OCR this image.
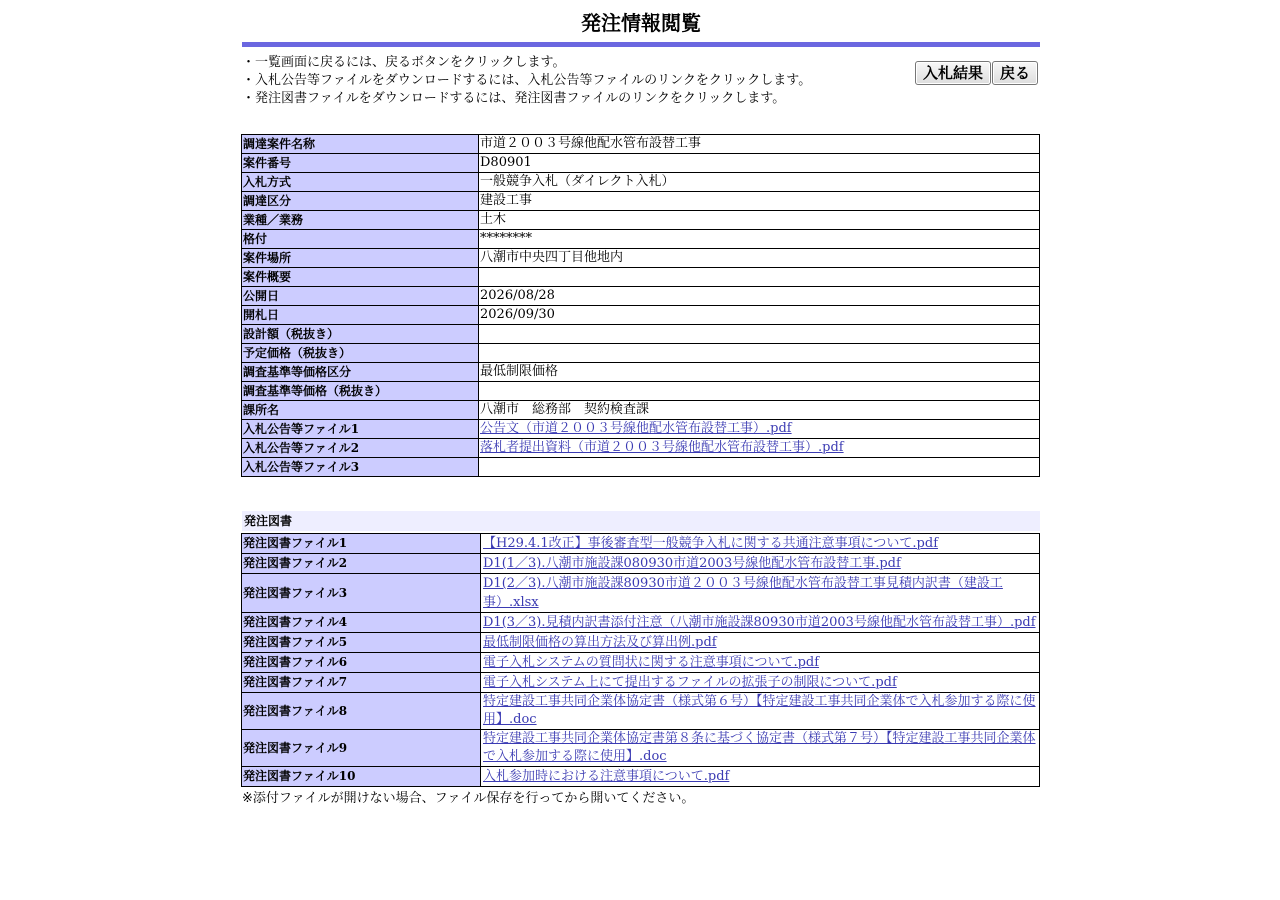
発注情報閲覧
・一覧画面に戻るには、戻るボタンをクリックします。
・入札公告等ファイルをダウンロードするには、入札公告等ファイルのリンクをクリックします。
・発注図書ファイルをダウンロードするには、発注図書ファイルのリンクをクリックします。
入札結果 戻る
調達案件名称	市道２００３号線他配水管布設替工事
案件番号	D80901
入札方式	一般競争入札（ダイレクト入札）
調達区分	建設工事
業種／業務	土木
格付	********
案件場所	八潮市中央四丁目他地内
案件概要	
公開日	2026/08/28
開札日	2026/09/30
設計額（税抜き）	
予定価格（税抜き）	
調査基準等価格区分	最低制限価格
調査基準等価格（税抜き）	
課所名	八潮市　総務部　契約検査課
入札公告等ファイル1	公告文（市道２００３号線他配水管布設替工事）.pdf
入札公告等ファイル2	落札者提出資料（市道２００３号線他配水管布設替工事）.pdf
入札公告等ファイル3	
発注図書
発注図書ファイル1	【H29.4.1改正】事後審査型一般競争入札に関する共通注意事項について.pdf
発注図書ファイル2	D1(1／3).八潮市施設課080930市道2003号線他配水管布設替工事.pdf
発注図書ファイル3	D1(2／3).八潮市施設課80930市道２００３号線他配水管布設替工事見積内訳書（建設工事）.xlsx
発注図書ファイル4	D1(3／3).見積内訳書添付注意（八潮市施設課80930市道2003号線他配水管布設替工事）.pdf
発注図書ファイル5	最低制限価格の算出方法及び算出例.pdf
発注図書ファイル6	電子入札システムの質問状に関する注意事項について.pdf
発注図書ファイル7	電子入札システム上にて提出するファイルの拡張子の制限について.pdf
発注図書ファイル8	特定建設工事共同企業体協定書（様式第６号）【特定建設工事共同企業体で入札参加する際に使用】.doc
発注図書ファイル9	特定建設工事共同企業体協定書第８条に基づく協定書（様式第７号）【特定建設工事共同企業体で入札参加する際に使用】.doc
発注図書ファイル10	入札参加時における注意事項について.pdf
※添付ファイルが開けない場合、ファイル保存を行ってから開いてください。
